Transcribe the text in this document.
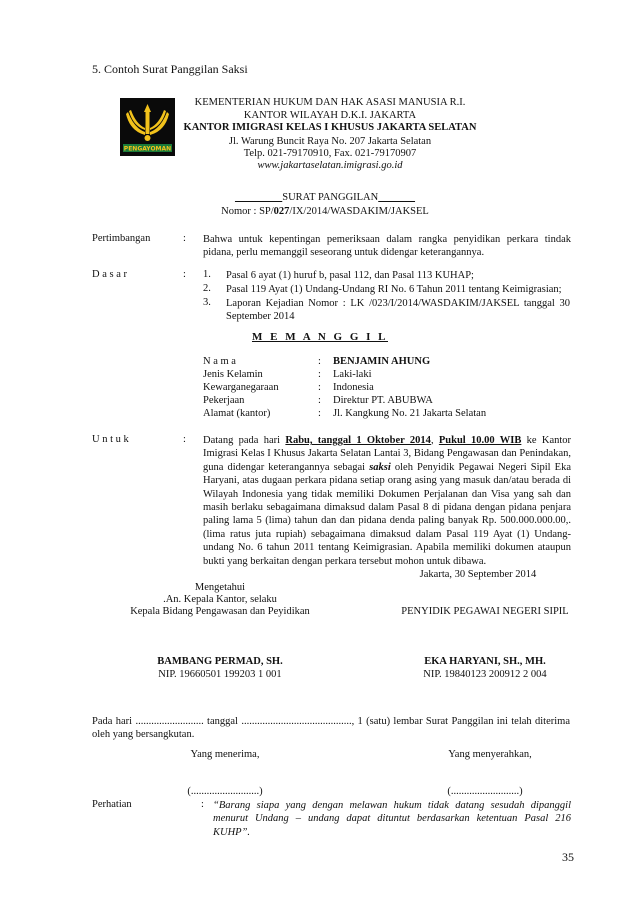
5. Contoh Surat Panggilan Saksi
PENGAYOMAN
KEMENTERIAN HUKUM DAN HAK ASASI MANUSIA R.I.
KANTOR WILAYAH D.K.I. JAKARTA
KANTOR IMIGRASI KELAS I KHUSUS JAKARTA SELATAN
Jl. Warung Buncit Raya No. 207 Jakarta Selatan
Telp. 021-79170910, Fax. 021-79170907
www.jakartaselatan.imigrasi.go.id
____	SURAT PANGGILAN	__
Nomor : SP/027/IX/2014/WASDAKIM/JAKSEL
Pertimbangan	: Bahwa untuk kepentingan pemeriksaan dalam rangka penyidikan perkara tindak pidana, perlu memanggil seseorang untuk didengar keterangannya.
D a s a r	: 1. Pasal 6 ayat (1) huruf b, pasal 112, dan Pasal 113 KUHAP;
2. Pasal 119 Ayat (1) Undang-Undang RI No. 6 Tahun 2011 tentang Keimigrasian;
3. Laporan Kejadian Nomor : LK /023/I/2014/WASDAKIM/JAKSEL tanggal 30 September 2014
M E M A N G G I L
N a m a	: BENJAMIN AHUNG
Jenis Kelamin	: Laki-laki
Kewarganegaraan	: Indonesia
Pekerjaan	: Direktur PT. ABUBWA
Alamat (kantor)	: Jl. Kangkung No. 21 Jakarta Selatan
U n t u k	: Datang pada hari Rabu, tanggal 1 Oktober 2014, Pukul 10.00 WIB ke Kantor Imigrasi Kelas I Khusus Jakarta Selatan Lantai 3, Bidang Pengawasan dan Penindakan, guna didengar keterangannya sebagai saksi oleh Penyidik Pegawai Negeri Sipil Eka Haryani, atas dugaan perkara pidana setiap orang asing yang masuk dan/atau berada di Wilayah Indonesia yang tidak memiliki Dokumen Perjalanan dan Visa yang sah dan masih berlaku sebagaimana dimaksud dalam Pasal 8 di pidana dengan pidana penjara paling lama 5 (lima) tahun dan dan pidana denda paling banyak Rp. 500.000.000.00,. (lima ratus juta rupiah) sebagaimana dimaksud dalam Pasal 119 Ayat (1) Undang-undang No. 6 tahun 2011 tentang Keimigrasian. Apabila memiliki dokumen ataupun bukti yang berkaitan dengan perkara tersebut mohon untuk dibawa.
Jakarta, 30 September 2014
Mengetahui
.An. Kepala Kantor, selaku
Kepala Bidang Pengawasan dan Peyidikan	PENYIDIK PEGAWAI NEGERI SIPIL
BAMBANG PERMAD, SH.
NIP. 19660501 199203 1 001
EKA HARYANI, SH., MH.
NIP. 19840123 200912 2 004
Pada hari .......................... tanggal .........................................., 1 (satu) lembar Surat Panggilan ini telah diterima oleh yang bersangkutan.
Yang menerima,	Yang menyerahkan,
(..........................)	(..........................)
Perhatian	: “Barang siapa yang dengan melawan hukum tidak datang sesudah dipanggil menurut Undang – undang dapat dituntut berdasarkan ketentuan Pasal 216 KUHP”.
35
